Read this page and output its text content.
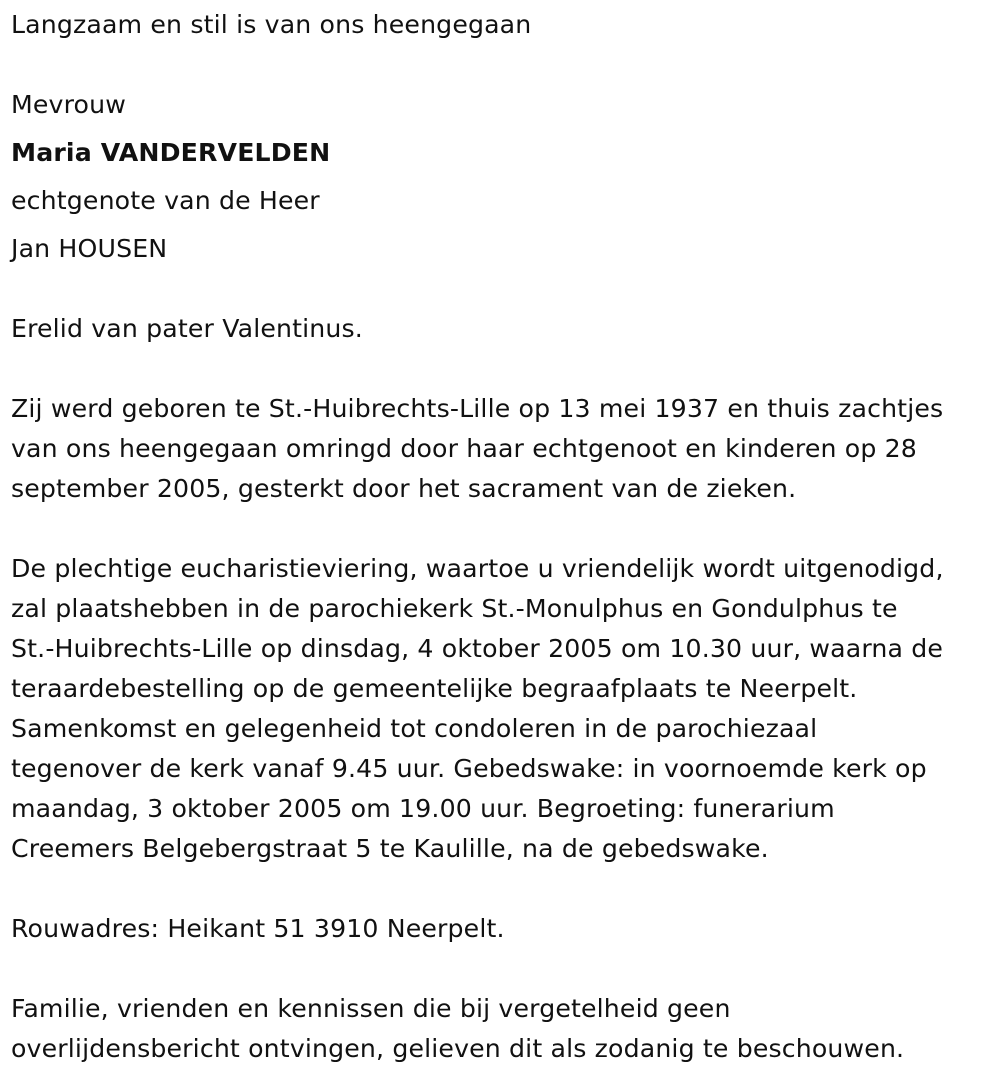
Langzaam en stil is van ons heengegaan
Mevrouw
Maria VANDERVELDEN
echtgenote van de Heer
Jan HOUSEN
Erelid van pater Valentinus.
Zij werd geboren te St.-Huibrechts-Lille op 13 mei 1937 en thuis zachtjes
van ons heengegaan omringd door haar echtgenoot en kinderen op 28
september 2005, gesterkt door het sacrament van de zieken.
De plechtige eucharistieviering, waartoe u vriendelijk wordt uitgenodigd,
zal plaatshebben in de parochiekerk St.-Monulphus en Gondulphus te
St.-Huibrechts-Lille op dinsdag, 4 oktober 2005 om 10.30 uur, waarna de
teraardebestelling op de gemeentelijke begraafplaats te Neerpelt.
Samenkomst en gelegenheid tot condoleren in de parochiezaal
tegenover de kerk vanaf 9.45 uur. Gebedswake: in voornoemde kerk op
maandag, 3 oktober 2005 om 19.00 uur. Begroeting: funerarium
Creemers Belgebergstraat 5 te Kaulille, na de gebedswake.
Rouwadres: Heikant 51 3910 Neerpelt.
Familie, vrienden en kennissen die bij vergetelheid geen
overlijdensbericht ontvingen, gelieven dit als zodanig te beschouwen.
